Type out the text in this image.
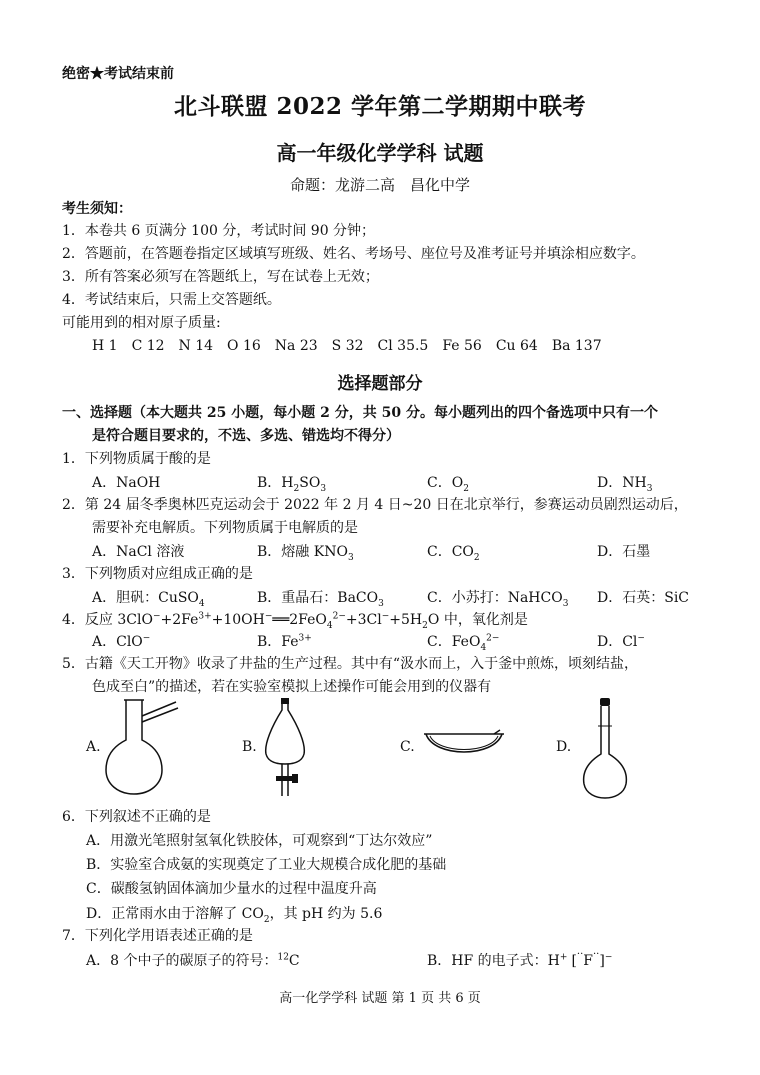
绝密★考试结束前
北斗联盟 2022 学年第二学期期中联考
高一年级化学学科 试题
命题：龙游二高　昌化中学
考生须知：
1．本卷共 6 页满分 100 分，考试时间 90 分钟；
2．答题前，在答题卷指定区域填写班级、姓名、考场号、座位号及准考证号并填涂相应数字。
3．所有答案必须写在答题纸上，写在试卷上无效；
4．考试结束后，只需上交答题纸。
可能用到的相对原子质量:
H 1　C 12　N 14　O 16　Na 23　S 32　Cl 35.5　Fe 56　Cu 64　Ba 137
选择题部分
一、选择题（本大题共 25 小题，每小题 2 分，共 50 分。每小题列出的四个备选项中只有一个
是符合题目要求的，不选、多选、错选均不得分）
1．下列物质属于酸的是
A．NaOH	B．$H_2SO_3$	C．$O_2$	D．$NH_3$
2．第 24 届冬季奥林匹克运动会于 2022 年 2 月 4 日~20 日在北京举行，参赛运动员剧烈运动后，
需要补充电解质。下列物质属于电解质的是
A．NaCl 溶液	B．熔融 $KNO_3$	C．$CO_2$	D．石墨
3．下列物质对应组成正确的是
A．胆矾：CuSO$_4$	B．重晶石：BaCO$_3$	C．小苏打：NaHCO$_3$ D．石英：SiC
4．反应 $3ClO^-+2Fe^{3+}+10OH^-══2FeO_4^{2-}+3Cl^-+5H_2O$ 中，氧化剂是
A．ClO−	B．$Fe^{3+}$	C．FeO$_4^{2-}$	D．Cl−
5．古籍《天工开物》收录了井盐的生产过程。其中有“汲水而上，入于釜中煎炼，顷刻结盐，
色成至白”的描述，若在实验室模拟上述操作可能会用到的仪器有
A.	B.	C.	D.
6．下列叙述不正确的是
A．用激光笔照射氢氧化铁胶体，可观察到“丁达尔效应”
B．实验室合成氨的实现奠定了工业大规模合成化肥的基础
C．碳酸氢钠固体滴加少量水的过程中温度升高
D．正常雨水由于溶解了 $CO_2$，其 pH 约为 5.6
7．下列化学用语表述正确的是
A．8 个中子的碳原子的符号：$^{12}$C	B．HF 的电子式：H+ [··F··]−
高一化学学科 试题 第 1 页 共 6 页
